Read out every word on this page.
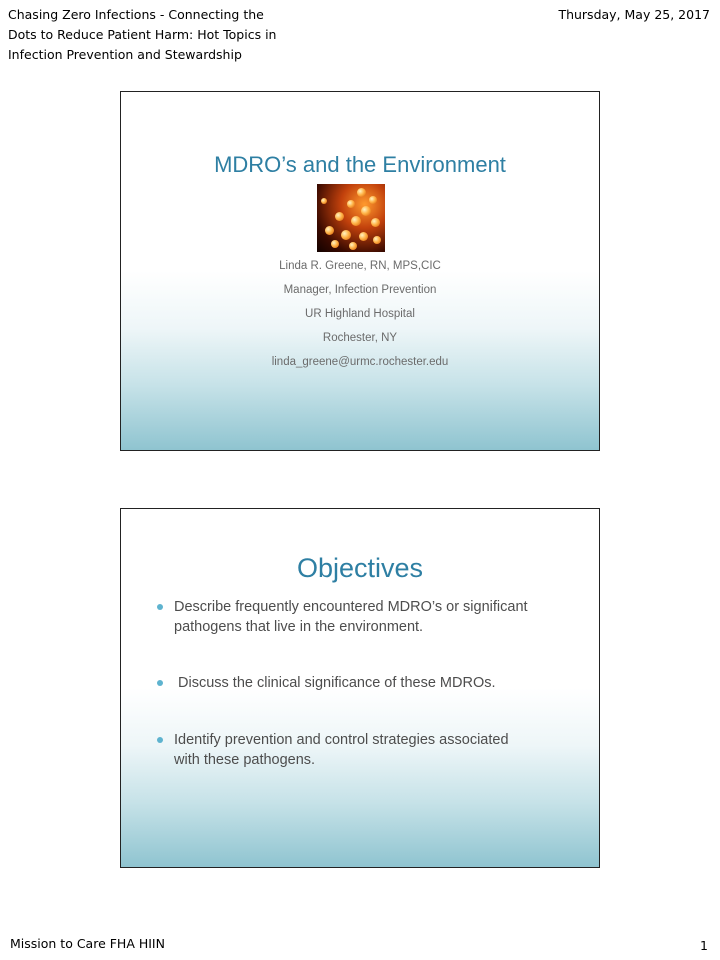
Chasing Zero Infections - Connecting the
Dots to Reduce Patient Harm: Hot Topics in
Infection Prevention and Stewardship
Thursday, May 25, 2017
MDRO’s and the Environment
Linda R. Greene, RN, MPS,CIC
Manager, Infection Prevention
UR Highland Hospital
Rochester, NY
linda_greene@urmc.rochester.edu
Objectives
Describe frequently encountered MDRO’s or significant
pathogens that live in the environment.
Discuss the clinical significance of these MDROs.
Identify prevention and control strategies associated
with these pathogens.
Mission to Care FHA HIIN	1
